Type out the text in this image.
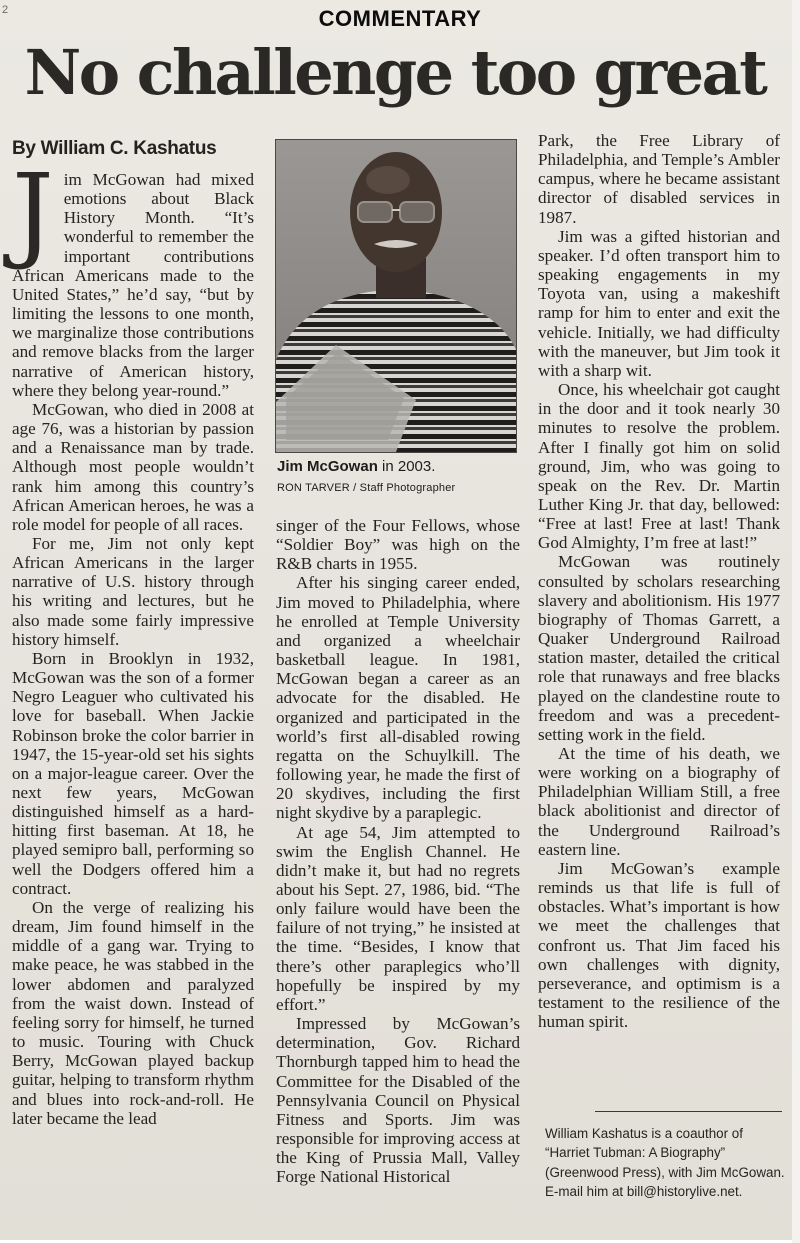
2	COMMENTARY
No challenge too great
By William C. Kashatus

Jim McGowan had mixed emotions about Black History Month. “It’s wonderful to remember the important contributions African Americans made to the United States,” he’d say, “but by limiting the lessons to one month, we marginalize those contributions and remove blacks from the larger narrative of American history, where they belong year-round.”

McGowan, who died in 2008 at age 76, was a historian by passion and a Renaissance man by trade. Although most people wouldn’t rank him among this country’s African American heroes, he was a role model for people of all races.

For me, Jim not only kept African Americans in the larger narrative of U.S. history through his writing and lectures, but he also made some fairly impressive history himself.

Born in Brooklyn in 1932, McGowan was the son of a former Negro Leaguer who cultivated his love for baseball. When Jackie Robinson broke the color barrier in 1947, the 15-year-old set his sights on a major-league career. Over the next few years, McGowan distinguished himself as a hard-hitting first baseman. At 18, he played semipro ball, performing so well the Dodgers offered him a contract.

On the verge of realizing his dream, Jim found himself in the middle of a gang war. Trying to make peace, he was stabbed in the lower abdomen and paralyzed from the waist down. Instead of feeling sorry for himself, he turned to music. Touring with Chuck Berry, McGowan played backup guitar, helping to transform rhythm and blues into rock-and-roll. He later became the lead

Jim McGowan in 2003.
RON TARVER / Staff Photographer

singer of the Four Fellows, whose “Soldier Boy” was high on the R&B charts in 1955.

After his singing career ended, Jim moved to Philadelphia, where he enrolled at Temple University and organized a wheelchair basketball league. In 1981, McGowan began a career as an advocate for the disabled. He organized and participated in the world’s first all-disabled rowing regatta on the Schuylkill. The following year, he made the first of 20 skydives, including the first night skydive by a paraplegic.

At age 54, Jim attempted to swim the English Channel. He didn’t make it, but had no regrets about his Sept. 27, 1986, bid. “The only failure would have been the failure of not trying,” he insisted at the time. “Besides, I know that there’s other paraplegics who’ll hopefully be inspired by my effort.”

Impressed by McGowan’s determination, Gov. Richard Thornburgh tapped him to head the Committee for the Disabled of the Pennsylvania Council on Physical Fitness and Sports. Jim was responsible for improving access at the King of Prussia Mall, Valley Forge National Historical

Park, the Free Library of Philadelphia, and Temple’s Ambler campus, where he became assistant director of disabled services in 1987.

Jim was a gifted historian and speaker. I’d often transport him to speaking engagements in my Toyota van, using a makeshift ramp for him to enter and exit the vehicle. Initially, we had difficulty with the maneuver, but Jim took it with a sharp wit.

Once, his wheelchair got caught in the door and it took nearly 30 minutes to resolve the problem. After I finally got him on solid ground, Jim, who was going to speak on the Rev. Dr. Martin Luther King Jr. that day, bellowed: “Free at last! Free at last! Thank God Almighty, I’m free at last!”

McGowan was routinely consulted by scholars researching slavery and abolitionism. His 1977 biography of Thomas Garrett, a Quaker Underground Railroad station master, detailed the critical role that runaways and free blacks played on the clandestine route to freedom and was a precedent-setting work in the field.

At the time of his death, we were working on a biography of Philadelphian William Still, a free black abolitionist and director of the Underground Railroad’s eastern line.

Jim McGowan’s example reminds us that life is full of obstacles. What’s important is how we meet the challenges that confront us. That Jim faced his own challenges with dignity, perseverance, and optimism is a testament to the resilience of the human spirit.

William Kashatus is a coauthor of “Harriet Tubman: A Biography” (Greenwood Press), with Jim McGowan. E-mail him at bill@historylive.net.
